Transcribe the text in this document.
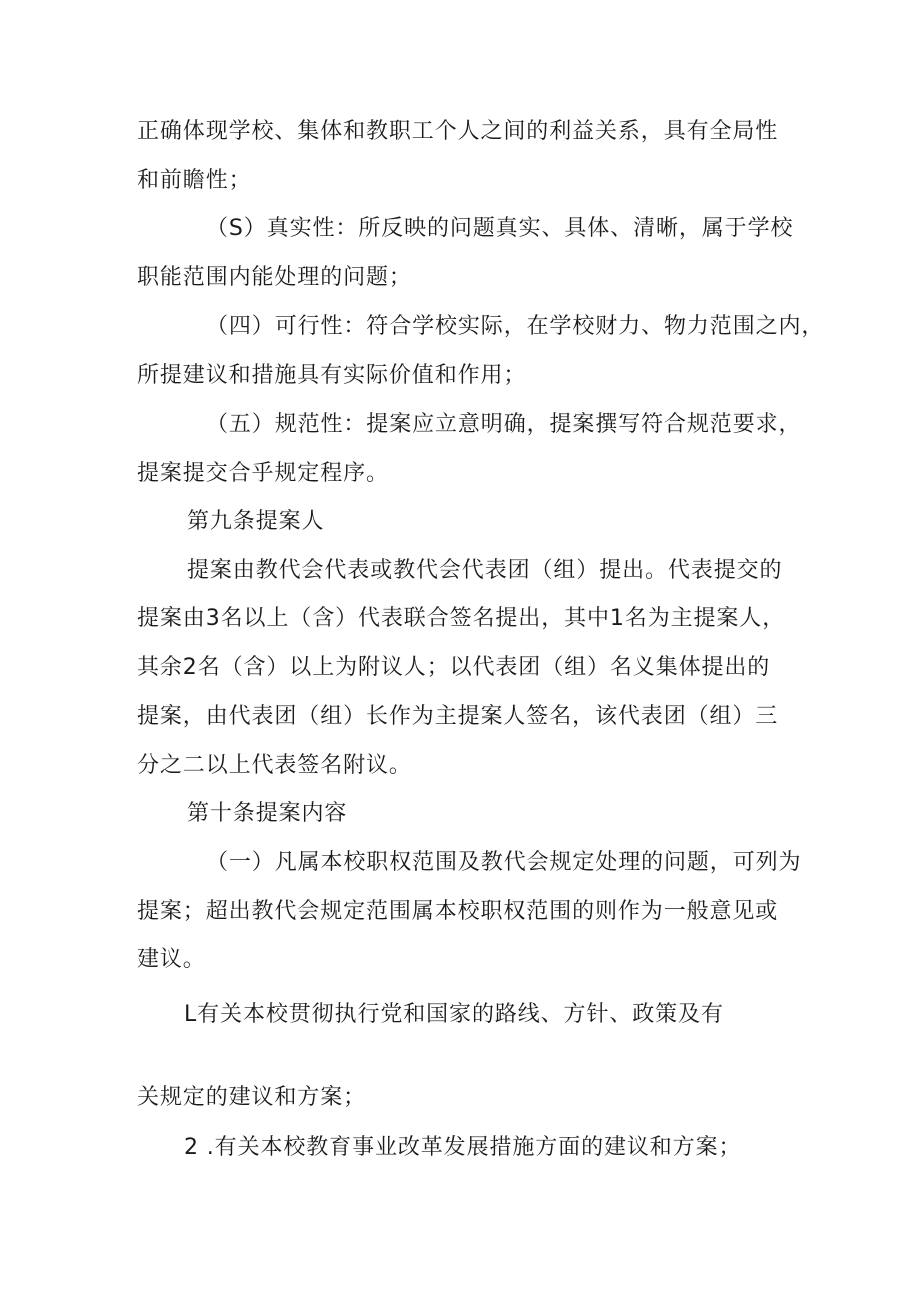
正确体现学校、集体和教职工个人之间的利益关系，具有全局性
和前瞻性；
（S）真实性：所反映的问题真实、具体、清晰，属于学校
职能范围内能处理的问题；
（四）可行性：符合学校实际，在学校财力、物力范围之内，
所提建议和措施具有实际价值和作用；
（五）规范性：提案应立意明确，提案撰写符合规范要求，
提案提交合乎规定程序。
第九条提案人
提案由教代会代表或教代会代表团（组）提出。代表提交的
提案由3名以上（含）代表联合签名提出，其中1名为主提案人，
其余2名（含）以上为附议人；以代表团（组）名义集体提出的
提案，由代表团（组）长作为主提案人签名，该代表团（组）三
分之二以上代表签名附议。
第十条提案内容
（一）凡属本校职权范围及教代会规定处理的问题，可列为
提案；超出教代会规定范围属本校职权范围的则作为一般意见或
建议。
L有关本校贯彻执行党和国家的路线、方针、政策及有
关规定的建议和方案；
2 .有关本校教育事业改革发展措施方面的建议和方案；
